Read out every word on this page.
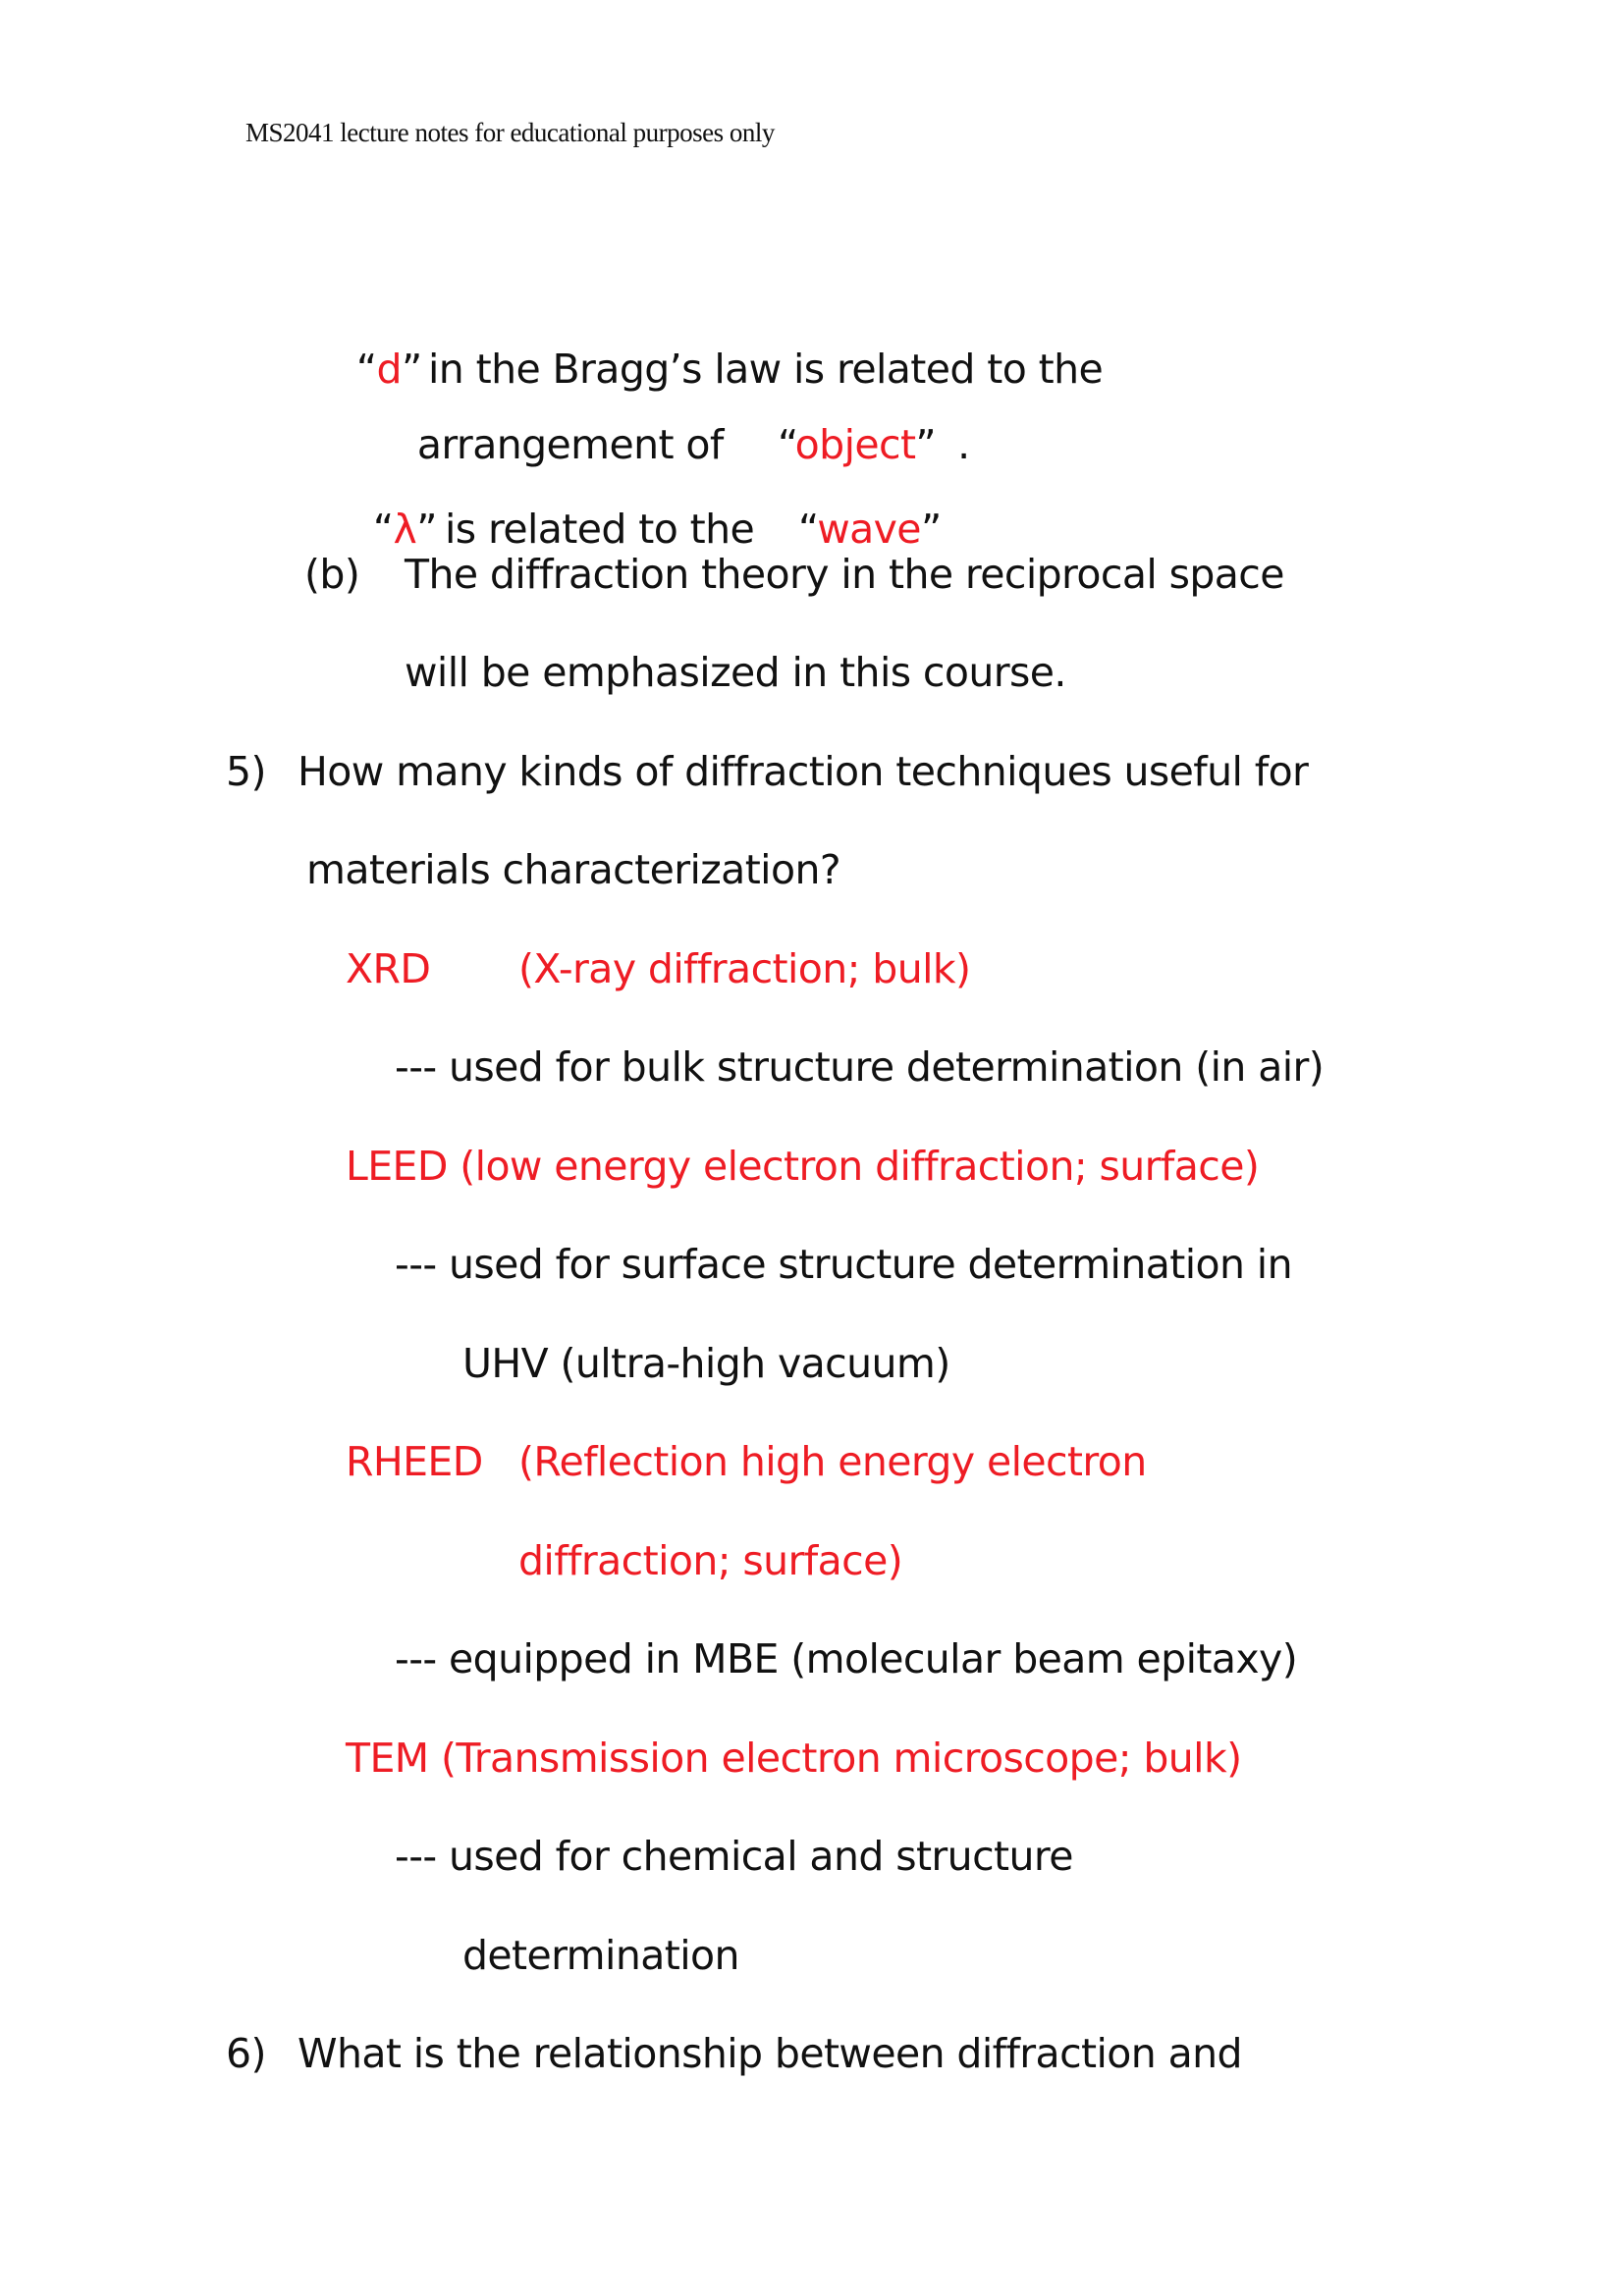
MS2041 lecture notes for educational purposes only

“d” in the Bragg’s law is related to the

arrangement of “object” .

“λ” is related to the “wave”

(b) The diffraction theory in the reciprocal space
will be emphasized in this course.
5) How many kinds of diffraction techniques useful for
materials characterization?
XRD (X-ray diffraction; bulk)
--- used for bulk structure determination (in air)
LEED (low energy electron diffraction; surface)
--- used for surface structure determination in
UHV (ultra-high vacuum)
RHEED (Reflection high energy electron
diffraction; surface)
--- equipped in MBE (molecular beam epitaxy)
TEM (Transmission electron microscope; bulk)
--- used for chemical and structure
determination
6) What is the relationship between diffraction and
